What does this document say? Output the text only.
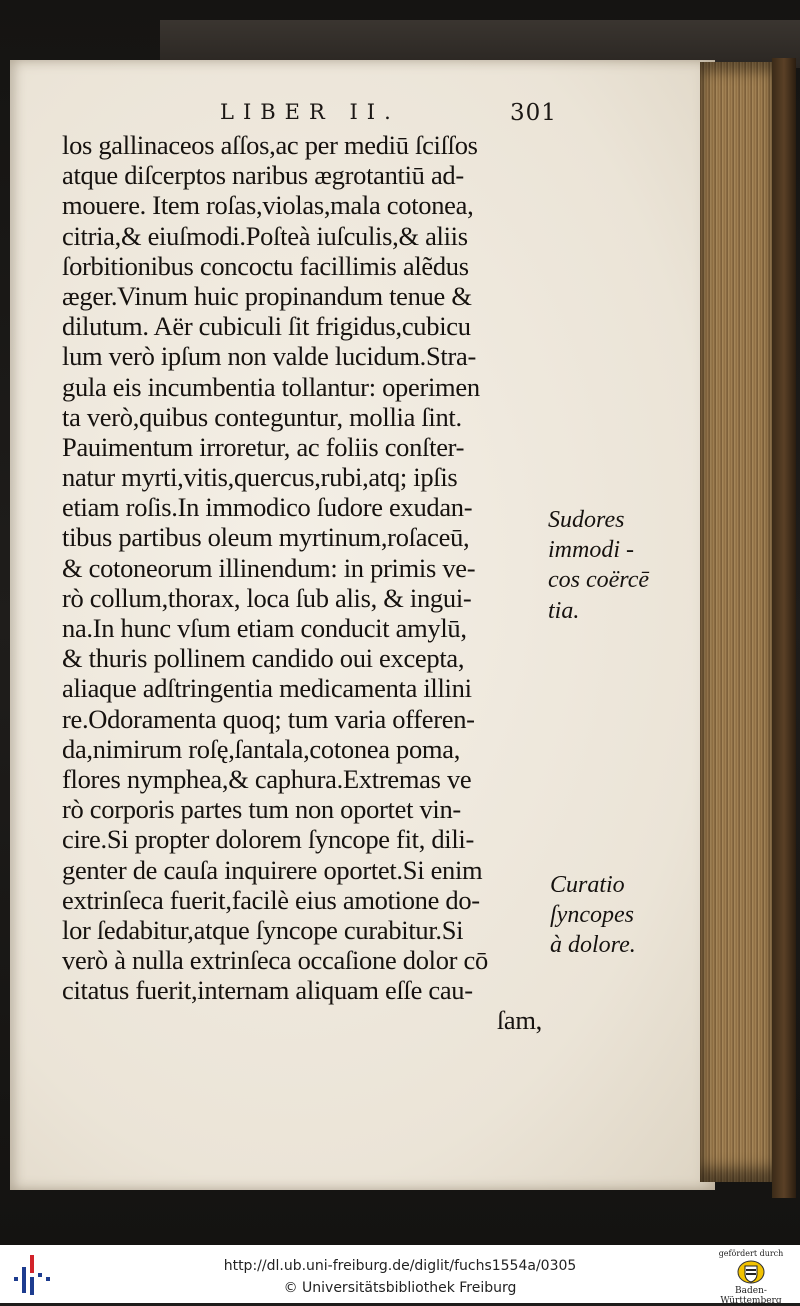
LIBER II.	301
los gallinaceos aſſos,ac per mediū ſciſſos
atque diſcerptos naribus ægrotantiū ad-
mouere. Item roſas,violas,mala cotonea,
citria,& eiuſmodi.Poſteà iuſculis,& aliis
ſorbitionibus concoctu facillimis alẽdus
æger.Vinum huic propinandum tenue &
dilutum. Aër cubiculi ſit frigidus,cubicu
lum verò ipſum non valde lucidum.Stra-
gula eis incumbentia tollantur: operimen
ta verò,quibus conteguntur, mollia ſint.
Pauimentum irroretur, ac foliis conſter-
natur myrti,vitis,quercus,rubi,atq; ipſis
etiam roſis.In immodico ſudore exudan-
tibus partibus oleum myrtinum,roſaceū,
& cotoneorum illinendum: in primis ve-
rò collum,thorax, loca ſub alis, & ingui-
na.In hunc vſum etiam conducit amylū,
& thuris pollinem candido oui excepta,
aliaque adſtringentia medicamenta illini
re.Odoramenta quoq; tum varia offeren-
da,nimirum roſę,ſantala,cotonea poma,
flores nymphea,& caphura.Extremas ve
rò corporis partes tum non oportet vin-
cire.Si propter dolorem ſyncope fit, dili-
genter de cauſa inquirere oportet.Si enim
extrinſeca fuerit,facilè eius amotione do-
lor ſedabitur,atque ſyncope curabitur.Si
verò à nulla extrinſeca occaſione dolor cō
citatus fuerit,internam aliquam eſſe cau-
ſam,
Sudores
immodi -
cos coërcē
tia.
Curatio
ſyncopes
à dolore.
http://dl.ub.uni-freiburg.de/diglit/fuchs1554a/0305
© Universitätsbibliothek Freiburg
gefördert durch
Baden-Württemberg
